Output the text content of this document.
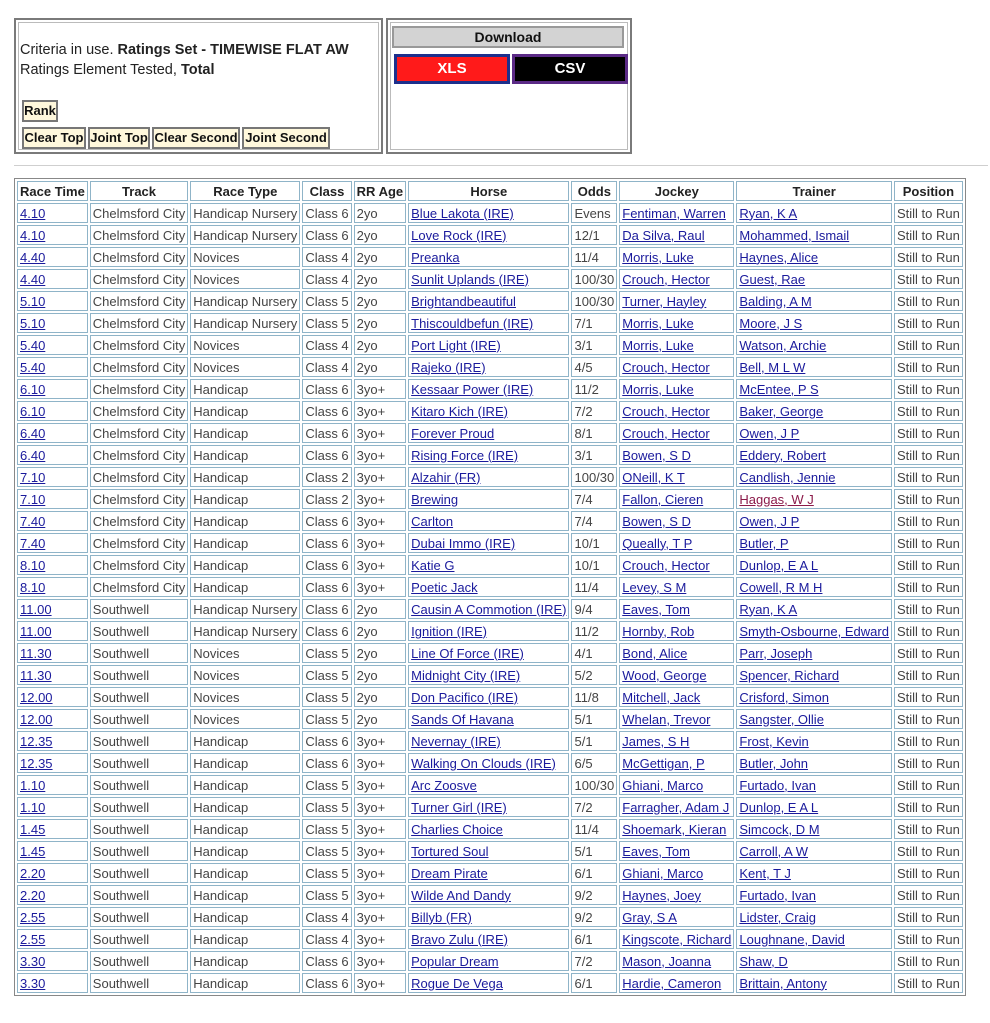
Criteria in use. Ratings Set - TIMEWISE FLAT AW
Ratings Element Tested, Total
Rank
Clear Top Joint Top Clear Second Joint Second
Download
XLS	CSV
Race Time	Track	Race Type	Class	RR Age	Horse	Odds	Jockey	Trainer	Position
4.10	Chelmsford City	Handicap Nursery	Class 6	2yo	Blue Lakota (IRE)	Evens	Fentiman, Warren	Ryan, K A	Still to Run
4.10	Chelmsford City	Handicap Nursery	Class 6	2yo	Love Rock (IRE)	12/1	Da Silva, Raul	Mohammed, Ismail	Still to Run
4.40	Chelmsford City	Novices	Class 4	2yo	Preanka	11/4	Morris, Luke	Haynes, Alice	Still to Run
4.40	Chelmsford City	Novices	Class 4	2yo	Sunlit Uplands (IRE)	100/30	Crouch, Hector	Guest, Rae	Still to Run
5.10	Chelmsford City	Handicap Nursery	Class 5	2yo	Brightandbeautiful	100/30	Turner, Hayley	Balding, A M	Still to Run
5.10	Chelmsford City	Handicap Nursery	Class 5	2yo	Thiscouldbefun (IRE)	7/1	Morris, Luke	Moore, J S	Still to Run
5.40	Chelmsford City	Novices	Class 4	2yo	Port Light (IRE)	3/1	Morris, Luke	Watson, Archie	Still to Run
5.40	Chelmsford City	Novices	Class 4	2yo	Rajeko (IRE)	4/5	Crouch, Hector	Bell, M L W	Still to Run
6.10	Chelmsford City	Handicap	Class 6	3yo+	Kessaar Power (IRE)	11/2	Morris, Luke	McEntee, P S	Still to Run
6.10	Chelmsford City	Handicap	Class 6	3yo+	Kitaro Kich (IRE)	7/2	Crouch, Hector	Baker, George	Still to Run
6.40	Chelmsford City	Handicap	Class 6	3yo+	Forever Proud	8/1	Crouch, Hector	Owen, J P	Still to Run
6.40	Chelmsford City	Handicap	Class 6	3yo+	Rising Force (IRE)	3/1	Bowen, S D	Eddery, Robert	Still to Run
7.10	Chelmsford City	Handicap	Class 2	3yo+	Alzahir (FR)	100/30	ONeill, K T	Candlish, Jennie	Still to Run
7.10	Chelmsford City	Handicap	Class 2	3yo+	Brewing	7/4	Fallon, Cieren	Haggas, W J	Still to Run
7.40	Chelmsford City	Handicap	Class 6	3yo+	Carlton	7/4	Bowen, S D	Owen, J P	Still to Run
7.40	Chelmsford City	Handicap	Class 6	3yo+	Dubai Immo (IRE)	10/1	Queally, T P	Butler, P	Still to Run
8.10	Chelmsford City	Handicap	Class 6	3yo+	Katie G	10/1	Crouch, Hector	Dunlop, E A L	Still to Run
8.10	Chelmsford City	Handicap	Class 6	3yo+	Poetic Jack	11/4	Levey, S M	Cowell, R M H	Still to Run
11.00	Southwell	Handicap Nursery	Class 6	2yo	Causin A Commotion (IRE)	9/4	Eaves, Tom	Ryan, K A	Still to Run
11.00	Southwell	Handicap Nursery	Class 6	2yo	Ignition (IRE)	11/2	Hornby, Rob	Smyth-Osbourne, Edward	Still to Run
11.30	Southwell	Novices	Class 5	2yo	Line Of Force (IRE)	4/1	Bond, Alice	Parr, Joseph	Still to Run
11.30	Southwell	Novices	Class 5	2yo	Midnight City (IRE)	5/2	Wood, George	Spencer, Richard	Still to Run
12.00	Southwell	Novices	Class 5	2yo	Don Pacifico (IRE)	11/8	Mitchell, Jack	Crisford, Simon	Still to Run
12.00	Southwell	Novices	Class 5	2yo	Sands Of Havana	5/1	Whelan, Trevor	Sangster, Ollie	Still to Run
12.35	Southwell	Handicap	Class 6	3yo+	Nevernay (IRE)	5/1	James, S H	Frost, Kevin	Still to Run
12.35	Southwell	Handicap	Class 6	3yo+	Walking On Clouds (IRE)	6/5	McGettigan, P	Butler, John	Still to Run
1.10	Southwell	Handicap	Class 5	3yo+	Arc Zoosve	100/30	Ghiani, Marco	Furtado, Ivan	Still to Run
1.10	Southwell	Handicap	Class 5	3yo+	Turner Girl (IRE)	7/2	Farragher, Adam J	Dunlop, E A L	Still to Run
1.45	Southwell	Handicap	Class 5	3yo+	Charlies Choice	11/4	Shoemark, Kieran	Simcock, D M	Still to Run
1.45	Southwell	Handicap	Class 5	3yo+	Tortured Soul	5/1	Eaves, Tom	Carroll, A W	Still to Run
2.20	Southwell	Handicap	Class 5	3yo+	Dream Pirate	6/1	Ghiani, Marco	Kent, T J	Still to Run
2.20	Southwell	Handicap	Class 5	3yo+	Wilde And Dandy	9/2	Haynes, Joey	Furtado, Ivan	Still to Run
2.55	Southwell	Handicap	Class 4	3yo+	Billyb (FR)	9/2	Gray, S A	Lidster, Craig	Still to Run
2.55	Southwell	Handicap	Class 4	3yo+	Bravo Zulu (IRE)	6/1	Kingscote, Richard	Loughnane, David	Still to Run
3.30	Southwell	Handicap	Class 6	3yo+	Popular Dream	7/2	Mason, Joanna	Shaw, D	Still to Run
3.30	Southwell	Handicap	Class 6	3yo+	Rogue De Vega	6/1	Hardie, Cameron	Brittain, Antony	Still to Run
